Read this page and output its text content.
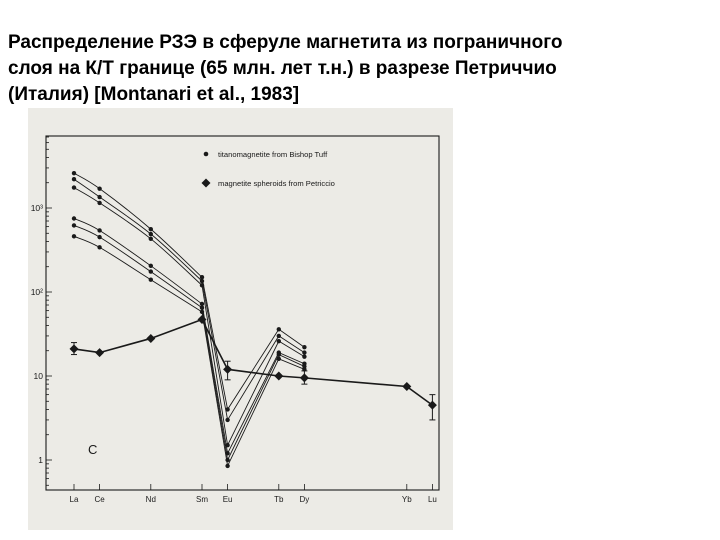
Распределение РЗЭ в сферуле магнетита из пограничного
слоя на К/Т границе (65 млн. лет т.н.) в разрезе Петриччио
(Италия) [Montanari et al., 1983]
1
10
10²
10³
La Ce	Nd	Sm Eu	Tb Dy	Yb Lu
C
titanomagnetite from Bishop Tuff
magnetite spheroids from Petriccio
